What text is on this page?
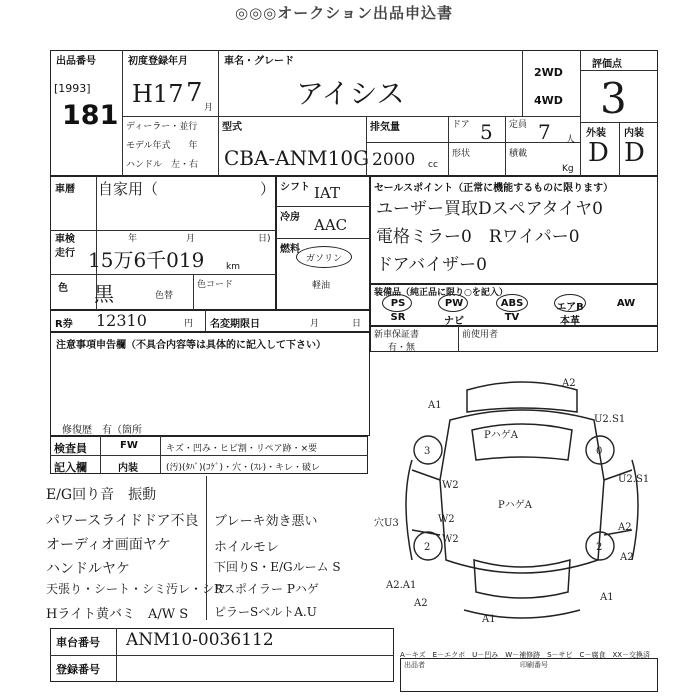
◎◎◎オークション出品申込書
出品番号
[1993]
181
初度登録年月
H17 7 月
車名・グレード
アイシス
2WD
4WD
評価点
3
ディーラー・並行
モデル年式　　年
ハンドル　左・右
型式
CBA-ANM10G
排気量
2000 cc
ドア 5 定員 7 人
形状	積載
Kg
外装 内装
D D
車暦 自家用（	）
車検	年	月	日)
走行 15万6千019 km
色 黒	色替
色コード
シフト IAT
冷房 AAC
燃料
ガソリン
軽油
セールスポイント（正常に機能するものに限ります）
ユーザー買取Dスペアタイヤ0
電格ミラー0　Rワイパー0
ドアバイザー0
装備品（純正品に限り○を記入）
PS	PW	ABS	エアB	AW
SR	ナビ	TV	本革
新車保証書
有・無
前使用者
R券 12310	円 名変期限日	月	日
注意事項申告欄（不具合内容等は具体的に記入して下さい）
修復歴　有（箇所
検査員	FW	キズ・凹み・ヒビ割・リペア跡・×要
記入欄	内装	(汚)(ﾀﾊﾞ)(ｺｹﾞ)・穴・(ｽﾚ)・キレ・破レ
E/G回り音　振動
パワースライドドア不良
オーディオ画面ヤケ
ハンドルヤケ
天張り・シート・シミ汚レ・シワ
Hライト黄バミ　A/W S
ブレーキ効き悪い
ホイルモレ
下回りS・E/Gルーム S
Rスポイラー Pハゲ
ピラーSベルトA.U
A2
A1
U2.S1
PハゲA
3	0
U2.S1
W2
PハゲA
W2
A2
穴U3
W2
A2
2	2
A2.A1
A1
A2
A1
A－キズ　E－エクボ　U－凹み　W－補修跡　S－サビ　C－腐食　XX－交換済
車台番号 ANM10-0036112
登録番号	出品者	印刷番号
